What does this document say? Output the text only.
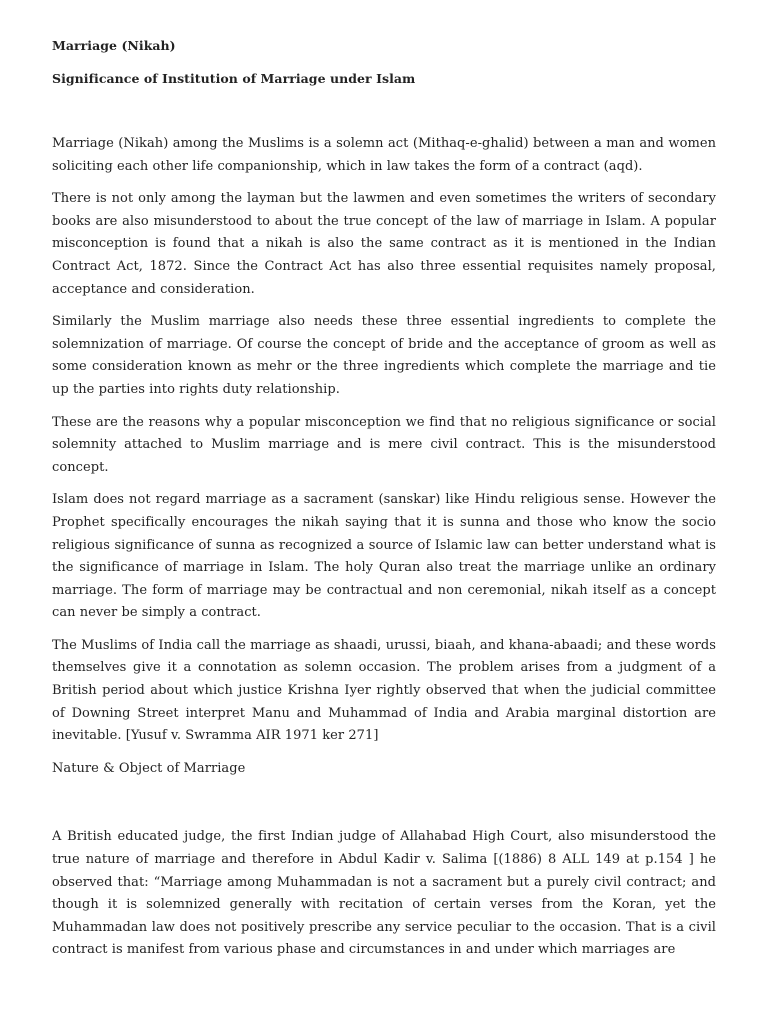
Marriage (Nikah)

Significance of Institution of Marriage under Islam

Marriage (Nikah) among the Muslims is a solemn act (Mithaq-e-ghalid) between a man and women soliciting each other life companionship, which in law takes the form of a contract (aqd).

There is not only among the layman but the lawmen and even sometimes the writers of secondary books are also misunderstood to about the true concept of the law of marriage in Islam. A popular misconception is found that a nikah is also the same contract as it is mentioned in the Indian Contract Act, 1872. Since the Contract Act has also three essential requisites namely proposal, acceptance and consideration.

Similarly the Muslim marriage also needs these three essential ingredients to complete the solemnization of marriage. Of course the concept of bride and the acceptance of groom as well as some consideration known as mehr or the three ingredients which complete the marriage and tie up the parties into rights duty relationship.

These are the reasons why a popular misconception we find that no religious significance or social solemnity attached to Muslim marriage and is mere civil contract. This is the misunderstood concept.

Islam does not regard marriage as a sacrament (sanskar) like Hindu religious sense. However the Prophet specifically encourages the nikah saying that it is sunna and those who know the socio religious significance of sunna as recognized a source of Islamic law can better understand what is the significance of marriage in Islam. The holy Quran also treat the marriage unlike an ordinary marriage. The form of marriage may be contractual and non ceremonial, nikah itself as a concept can never be simply a contract.

The Muslims of India call the marriage as shaadi, urussi, biaah, and khana-abaadi; and these words themselves give it a connotation as solemn occasion. The problem arises from a judgment of a British period about which justice Krishna Iyer rightly observed that when the judicial committee of Downing Street interpret Manu and Muhammad of India and Arabia marginal distortion are inevitable. [Yusuf v. Swramma AIR 1971 ker 271]

Nature & Object of Marriage

A British educated judge, the first Indian judge of Allahabad High Court, also misunderstood the true nature of marriage and therefore in Abdul Kadir v. Salima [(1886) 8 ALL 149 at p.154 ] he observed that: “Marriage among Muhammadan is not a sacrament but a purely civil contract; and though it is solemnized generally with recitation of certain verses from the Koran, yet the Muhammadan law does not positively prescribe any service peculiar to the occasion. That is a civil contract is manifest from various phase and circumstances in and under which marriages are
